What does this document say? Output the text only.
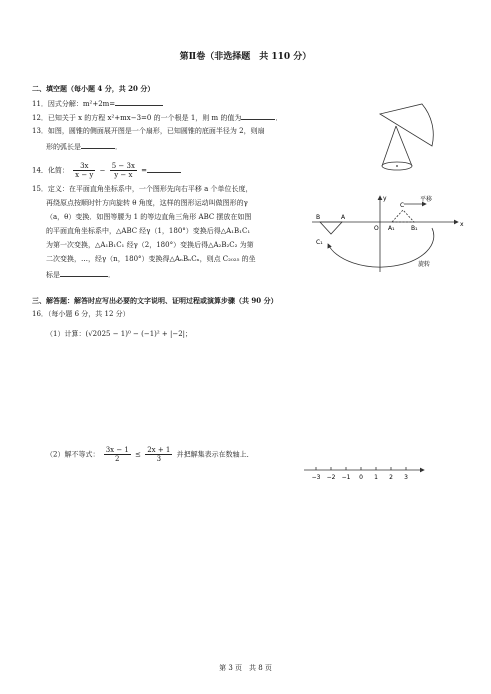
第Ⅱ卷（非选择题　共 110 分）
二、填空题（每小题 4 分，共 20 分）
11．因式分解：m²+2m=
12．已知关于 x 的方程 x²+mx−3=0 的一个根是 1，则 m 的值为	．
13．如图，圆锥的侧面展开图是一个扇形，已知圆锥的底面半径为 2，则扇
形的弧长是	．
14．化简： $\frac{3x}{x - y} - \frac{5 - 3x}{y - x}$ =
15．定义：在平面直角坐标系中，一个图形先向右平移 a 个单位长度，
再绕原点按顺时针方向旋转 θ 角度，这样的图形运动叫做图形的γ
（a，θ）变换．如图等腰为 1 的等边直角三角形 ABC 摆放在如图
的平面直角坐标系中，△ABC 经γ（1，180°）变换后得△A₁B₁C₁
为第一次变换，△A₁B₁C₁ 经γ（2，180°）变换后得△A₂B₂C₂ 为第
二次变换，…，经γ（n，180°）变换得△AₙBₙCₙ，则点 C₂₀₂₅ 的坐
标是	．
x
y
O
B	A
C
A₁	B₁
平移
C₁
旋转
三、解答题：解答时应写出必要的文字说明、证明过程或演算步骤（共 90 分）
16．（每小题 6 分，共 12 分）
（1）计算：(√2025 − 1)⁰ − (−1)² + |−2|；
（2）解不等式： $\frac{3x - 1}{2} \le \frac{2x + 1}{3}$ 并把解集表示在数轴上．
−3 −2 −1 0 1 2 3
第 3 页　共 8 页
